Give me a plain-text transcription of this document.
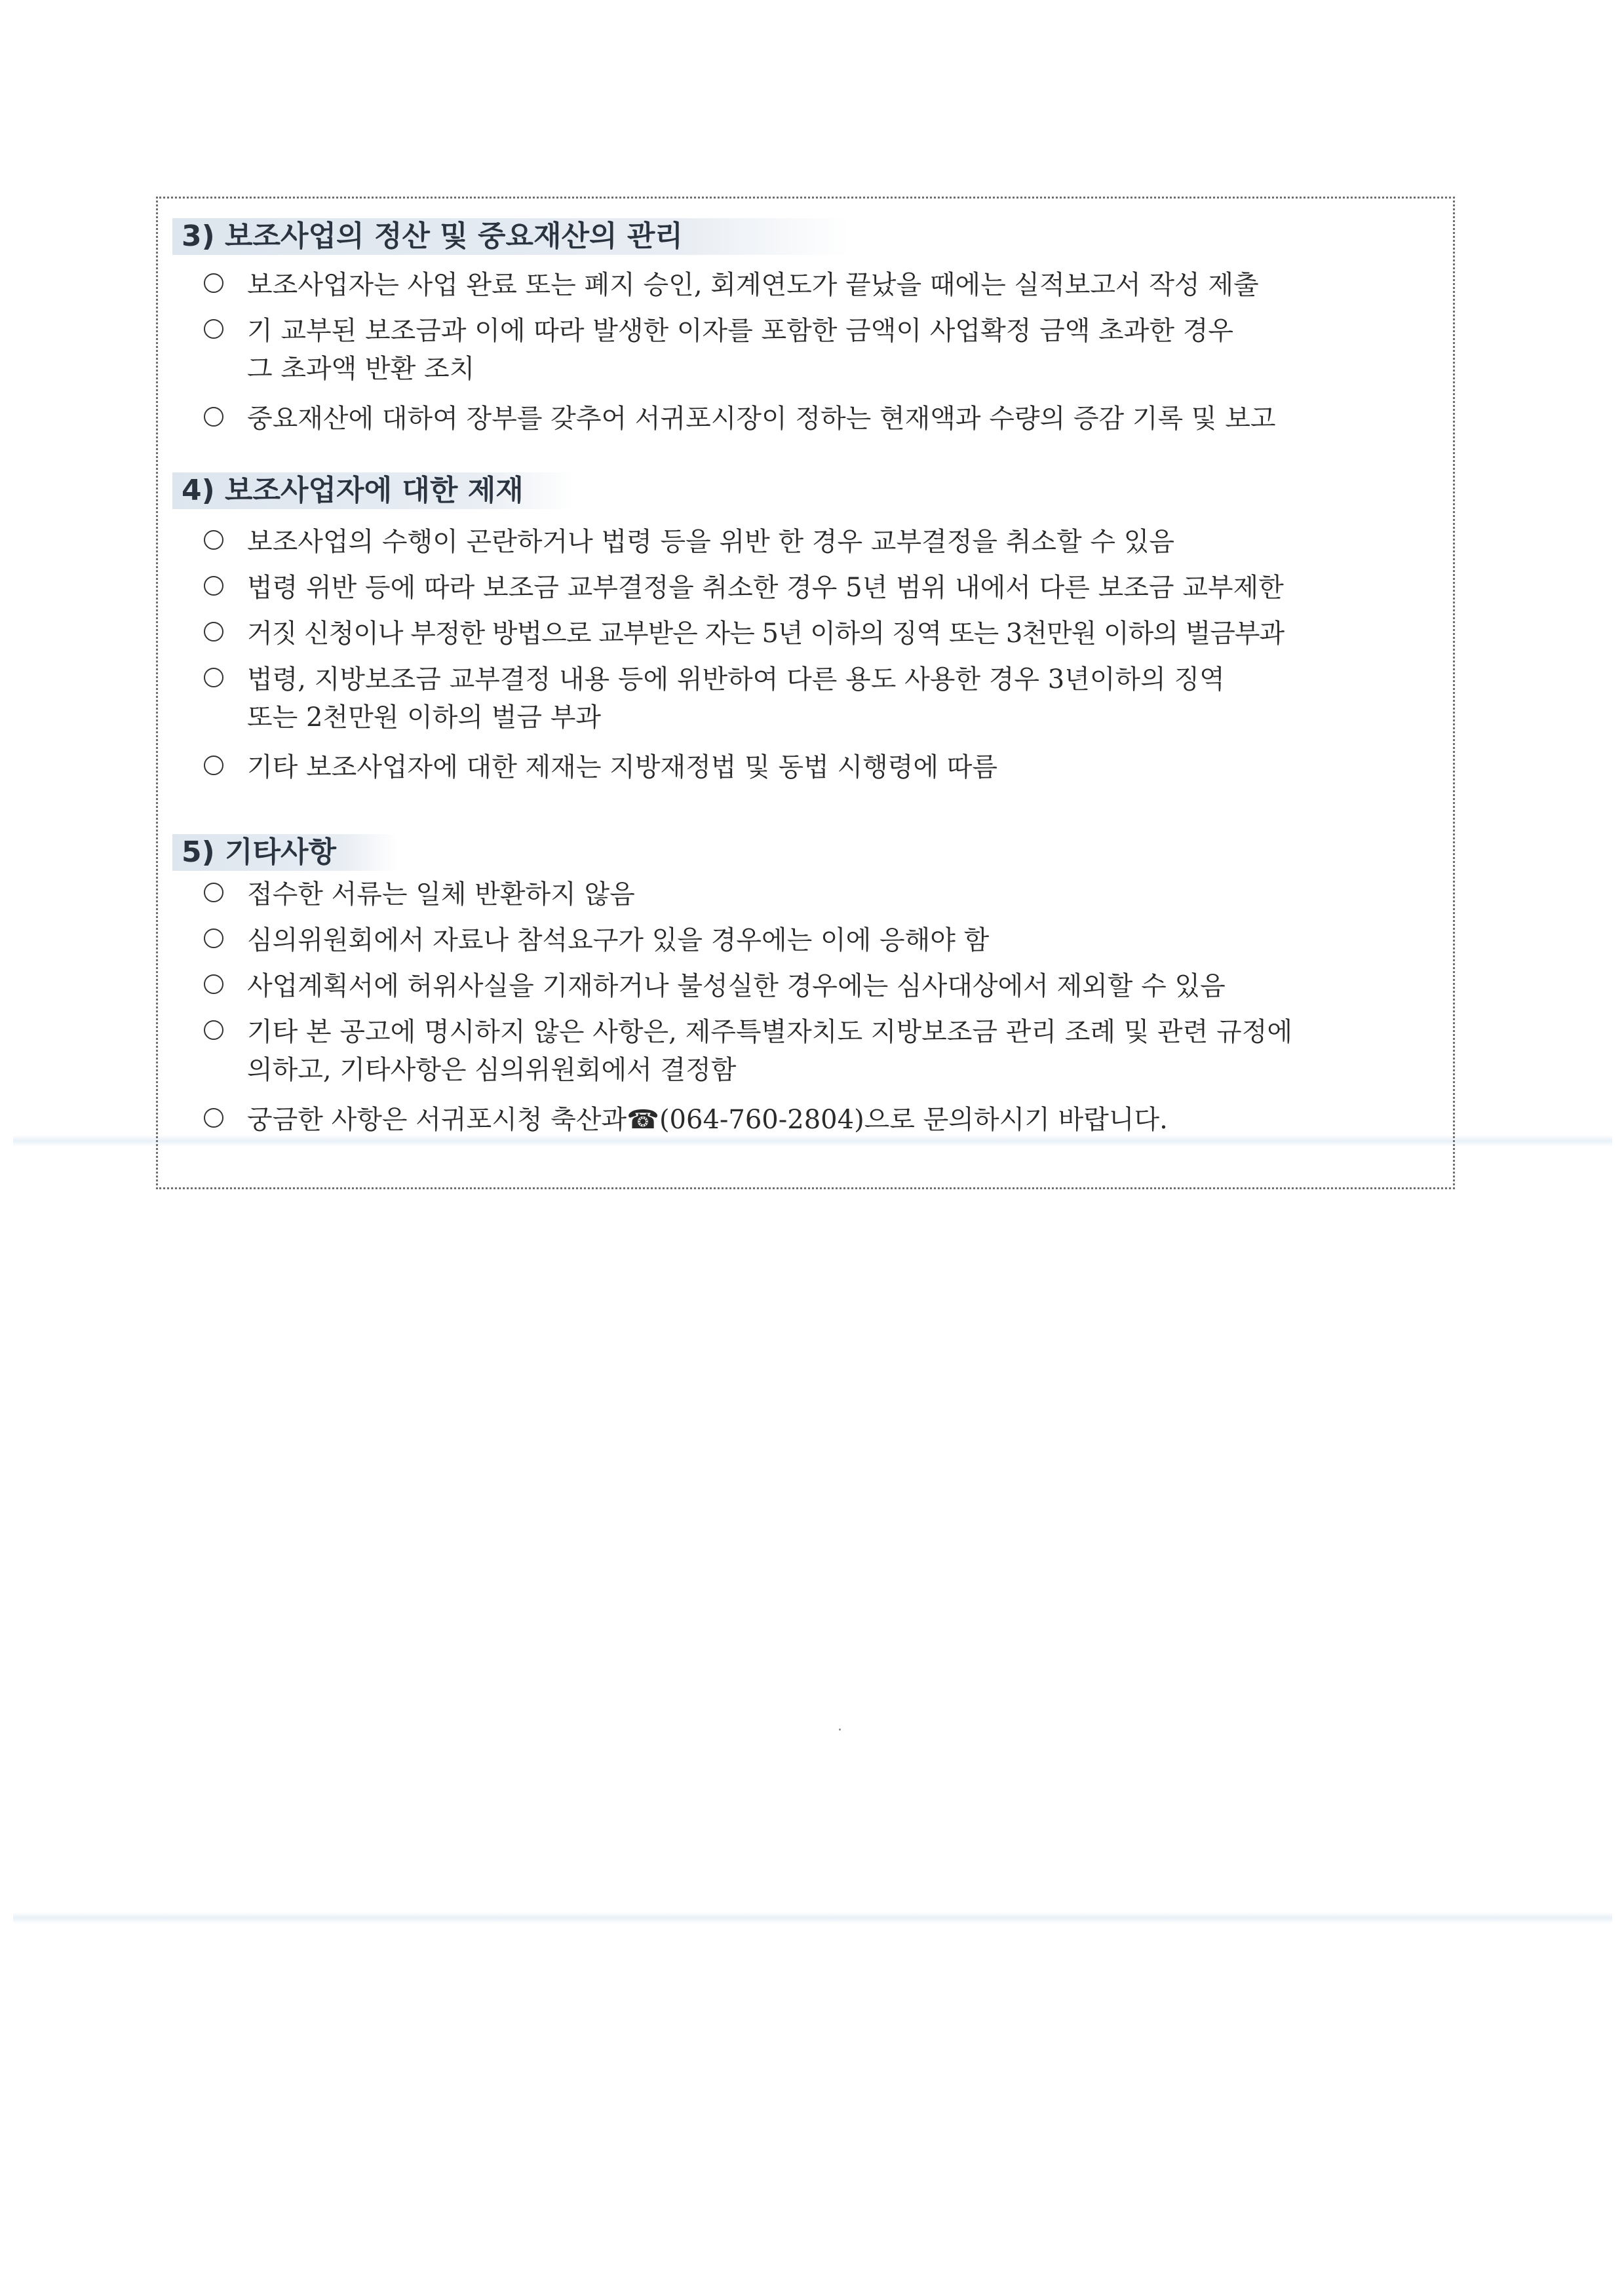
3) 보조사업의 정산 및 중요재산의 관리
보조사업자는 사업 완료 또는 폐지 승인, 회계연도가 끝났을 때에는 실적보고서 작성 제출
기 교부된 보조금과 이에 따라 발생한 이자를 포함한 금액이 사업확정 금액 초과한 경우
그 초과액 반환 조치
중요재산에 대하여 장부를 갖추어 서귀포시장이 정하는 현재액과 수량의 증감 기록 및 보고
4) 보조사업자에 대한 제재
보조사업의 수행이 곤란하거나 법령 등을 위반 한 경우 교부결정을 취소할 수 있음
법령 위반 등에 따라 보조금 교부결정을 취소한 경우 5년 범위 내에서 다른 보조금 교부제한
거짓 신청이나 부정한 방법으로 교부받은 자는 5년 이하의 징역 또는 3천만원 이하의 벌금부과
법령, 지방보조금 교부결정 내용 등에 위반하여 다른 용도 사용한 경우 3년이하의 징역
또는 2천만원 이하의 벌금 부과
기타 보조사업자에 대한 제재는 지방재정법 및 동법 시행령에 따름
5) 기타사항
접수한 서류는 일체 반환하지 않음
심의위원회에서 자료나 참석요구가 있을 경우에는 이에 응해야 함
사업계획서에 허위사실을 기재하거나 불성실한 경우에는 심사대상에서 제외할 수 있음
기타 본 공고에 명시하지 않은 사항은, 제주특별자치도 지방보조금 관리 조례 및 관련 규정에
의하고, 기타사항은 심의위원회에서 결정함
궁금한 사항은 서귀포시청 축산과☎(064-760-2804)으로 문의하시기 바랍니다.
